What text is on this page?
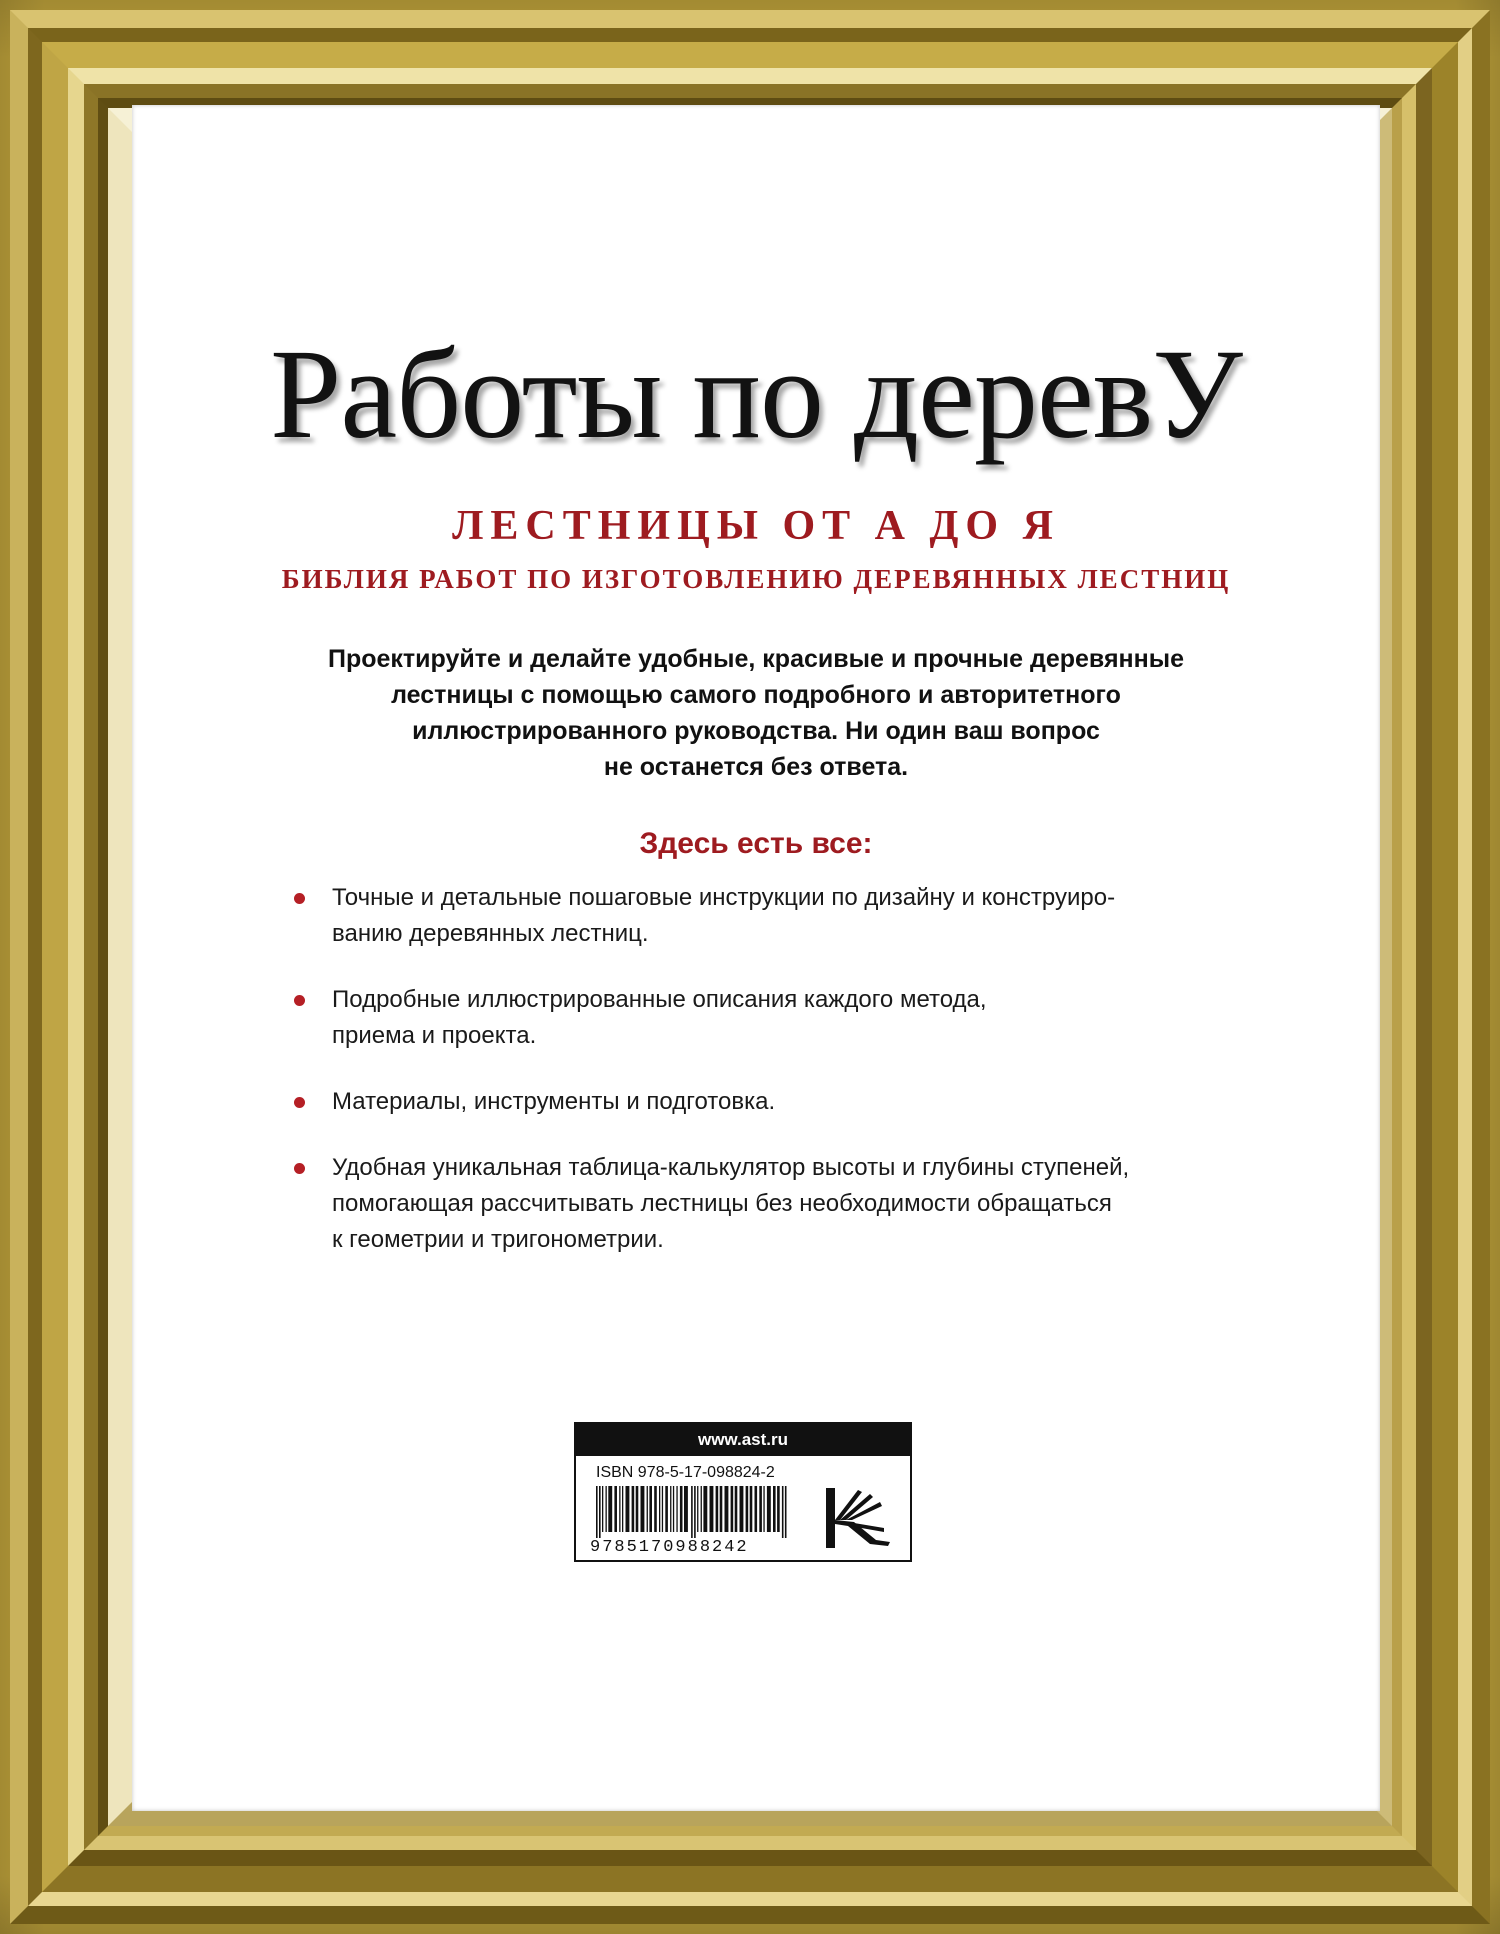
Работы по деревУ
ЛЕСТНИЦЫ ОТ А ДО Я
БИБЛИЯ РАБОТ ПО ИЗГОТОВЛЕНИЮ ДЕРЕВЯННЫХ ЛЕСТНИЦ
Проектируйте и делайте удобные, красивые и прочные деревянные
лестницы с помощью самого подробного и авторитетного
иллюстрированного руководства. Ни один ваш вопрос
не останется без ответа.
Здесь есть все:
Точные и детальные пошаговые инструкции по дизайну и конструиро-
ванию деревянных лестниц.
Подробные иллюстрированные описания каждого метода,
приема и проекта.
Материалы, инструменты и подготовка.
Удобная уникальная таблица-калькулятор высоты и глубины ступеней,
помогающая рассчитывать лестницы без необходимости обращаться
к геометрии и тригонометрии.
www.ast.ru
ISBN 978-5-17-098824-2
9785170988242
